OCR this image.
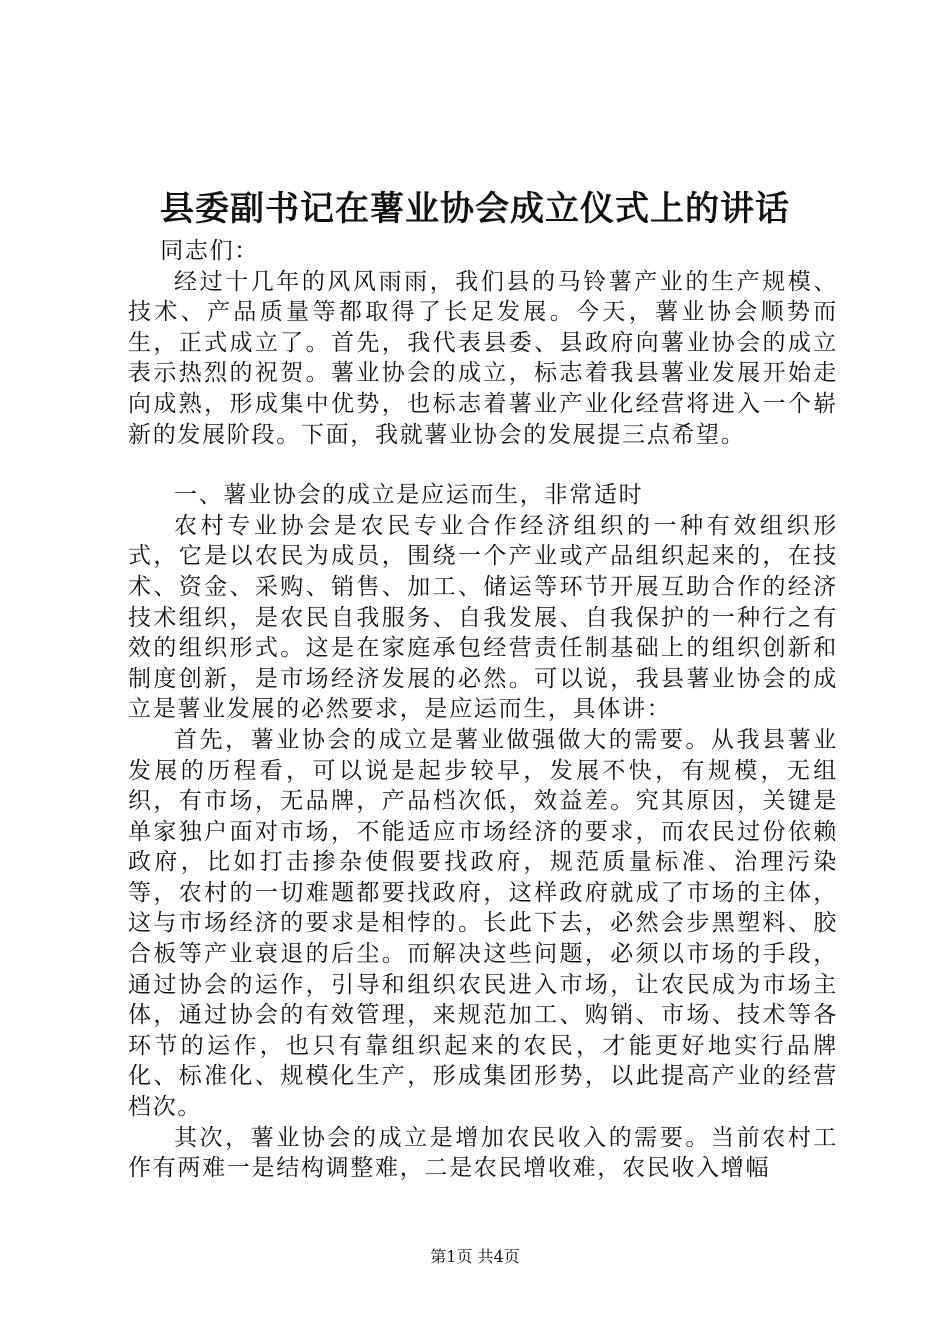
县委副书记在薯业协会成立仪式上的讲话

同志们：

经过十几年的风风雨雨，我们县的马铃薯产业的生产规模、技术、产品质量等都取得了长足发展。今天，薯业协会顺势而生，正式成立了。首先，我代表县委、县政府向薯业协会的成立表示热烈的祝贺。薯业协会的成立，标志着我县薯业发展开始走向成熟，形成集中优势，也标志着薯业产业化经营将进入一个崭新的发展阶段。下面，我就薯业协会的发展提三点希望。

一、薯业协会的成立是应运而生，非常适时

农村专业协会是农民专业合作经济组织的一种有效组织形式，它是以农民为成员，围绕一个产业或产品组织起来的，在技术、资金、采购、销售、加工、储运等环节开展互助合作的经济技术组织，是农民自我服务、自我发展、自我保护的一种行之有效的组织形式。这是在家庭承包经营责任制基础上的组织创新和制度创新，是市场经济发展的必然。可以说，我县薯业协会的成立是薯业发展的必然要求，是应运而生，具体讲：

首先，薯业协会的成立是薯业做强做大的需要。从我县薯业发展的历程看，可以说是起步较早，发展不快，有规模，无组织，有市场，无品牌，产品档次低，效益差。究其原因，关键是单家独户面对市场，不能适应市场经济的要求，而农民过份依赖政府，比如打击掺杂使假要找政府，规范质量标准、治理污染等，农村的一切难题都要找政府，这样政府就成了市场的主体，这与市场经济的要求是相悖的。长此下去，必然会步黑塑料、胶合板等产业衰退的后尘。而解决这些问题，必须以市场的手段，通过协会的运作，引导和组织农民进入市场，让农民成为市场主体，通过协会的有效管理，来规范加工、购销、市场、技术等各环节的运作，也只有靠组织起来的农民，才能更好地实行品牌化、标准化、规模化生产，形成集团形势，以此提高产业的经营档次。

其次，薯业协会的成立是增加农民收入的需要。当前农村工作有两难一是结构调整难，二是农民增收难，农民收入增幅

第1页 共4页
